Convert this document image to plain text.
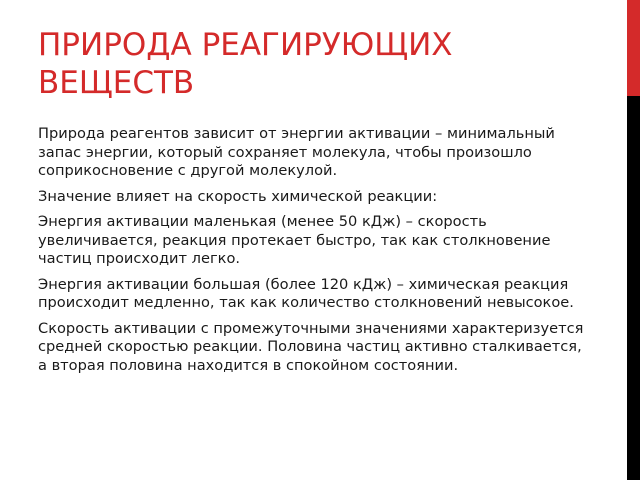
ПРИРОДА РЕАГИРУЮЩИХ ВЕЩЕСТВ

Природа реагентов зависит от энергии активации – минимальный запас энергии, который сохраняет молекула, чтобы произошло соприкосновение с другой молекулой.

Значение влияет на скорость химической реакции:

Энергия активации маленькая (менее 50 кДж) – скорость увеличивается, реакция протекает быстро, так как столкновение частиц происходит легко.

Энергия активации большая (более 120 кДж) – химическая реакция происходит медленно, так как количество столкновений невысокое.

Скорость активации с промежуточными значениями характеризуется средней скоростью реакции. Половина частиц активно сталкивается, а вторая половина находится в спокойном состоянии.
